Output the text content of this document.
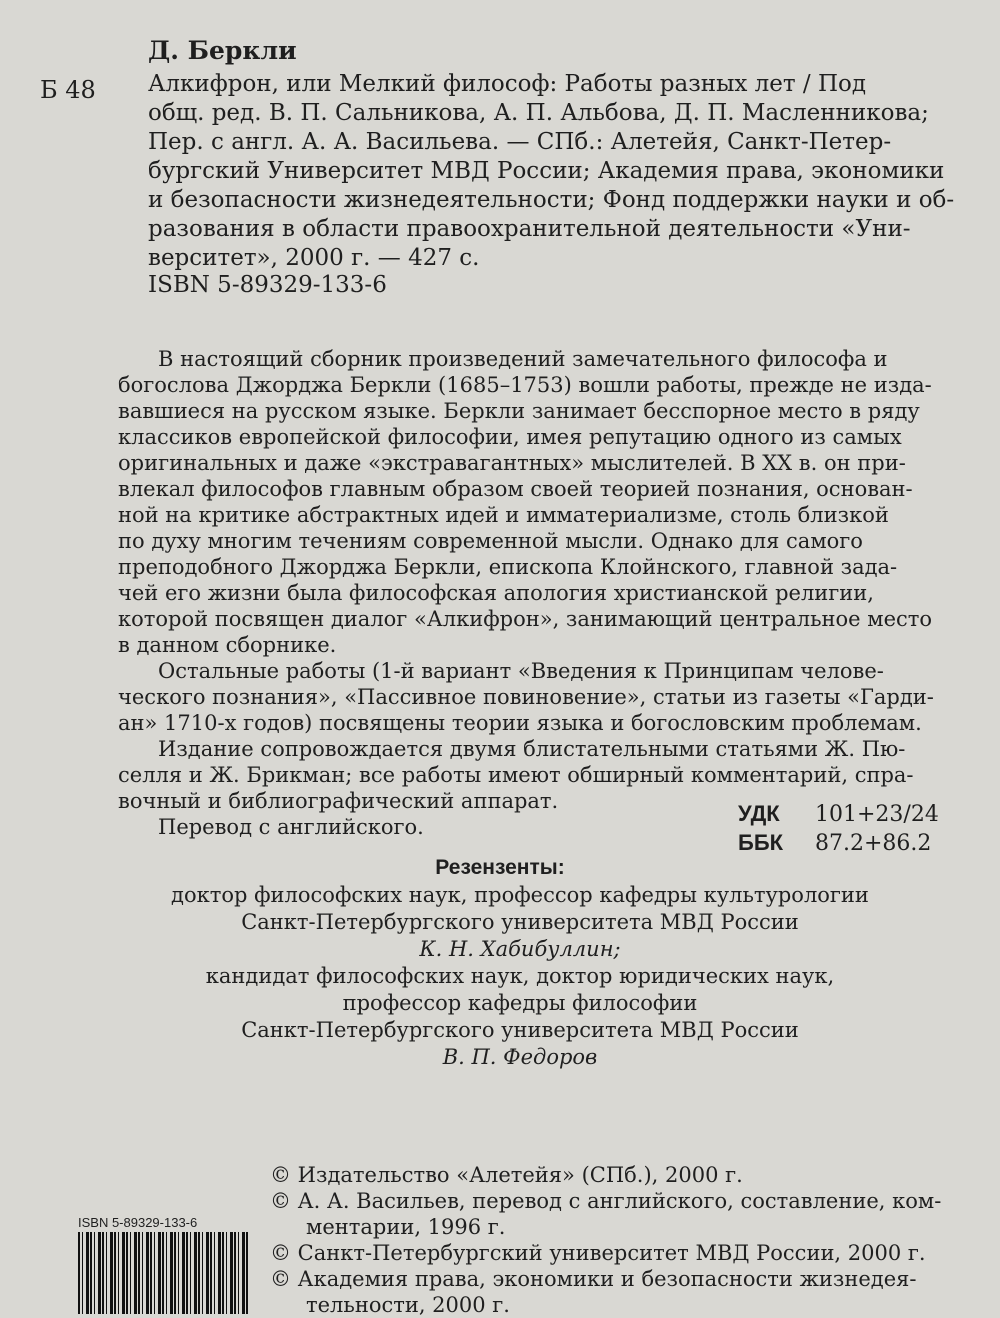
Д. Беркли
Б 48 Алкифрон, или Мелкий философ: Работы разных лет / Под
общ. ред. В. П. Сальникова, А. П. Альбова, Д. П. Масленникова;
Пер. с англ. А. А. Васильева. — СПб.: Алетейя, Санкт-Петер-
бургский Университет МВД России; Академия права, экономики
и безопасности жизнедеятельности; Фонд поддержки науки и об-
разования в области правоохранительной деятельности «Уни-
верситет», 2000 г. — 427 с.
ISBN 5-89329-133-6
В настоящий сборник произведений замечательного философа и
богослова Джорджа Беркли (1685–1753) вошли работы, прежде не изда-
вавшиеся на русском языке. Беркли занимает бесспорное место в ряду
классиков европейской философии, имея репутацию одного из самых
оригинальных и даже «экстравагантных» мыслителей. В XX в. он при-
влекал философов главным образом своей теорией познания, основан-
ной на критике абстрактных идей и имматериализме, столь близкой
по духу многим течениям современной мысли. Однако для самого
преподобного Джорджа Беркли, епископа Клойнского, главной зада-
чей его жизни была философская апология христианской религии,
которой посвящен диалог «Алкифрон», занимающий центральное место
в данном сборнике.
Остальные работы (1-й вариант «Введения к Принципам челове-
ческого познания», «Пассивное повиновение», статьи из газеты «Гарди-
ан» 1710-х годов) посвящены теории языка и богословским проблемам.
Издание сопровождается двумя блистательными статьями Ж. Пю-
селля и Ж. Брикман; все работы имеют обширный комментарий, спра-
вочный и библиографический аппарат.
Перевод с английского.
УДК 101+23/24
ББК 87.2+86.2
Резензенты:
доктор философских наук, профессор кафедры культурологии
Санкт-Петербургского университета МВД России
К. Н. Хабибуллин;
кандидат философских наук, доктор юридических наук,
профессор кафедры философии
Санкт-Петербургского университета МВД России
В. П. Федоров
ISBN 5-89329-133-6
© Издательство «Алетейя» (СПб.), 2000 г.
© А. А. Васильев, перевод с английского, составление, ком-
ментарии, 1996 г.
© Санкт-Петербургский университет МВД России, 2000 г.
© Академия права, экономики и безопасности жизнедея-
тельности, 2000 г.
